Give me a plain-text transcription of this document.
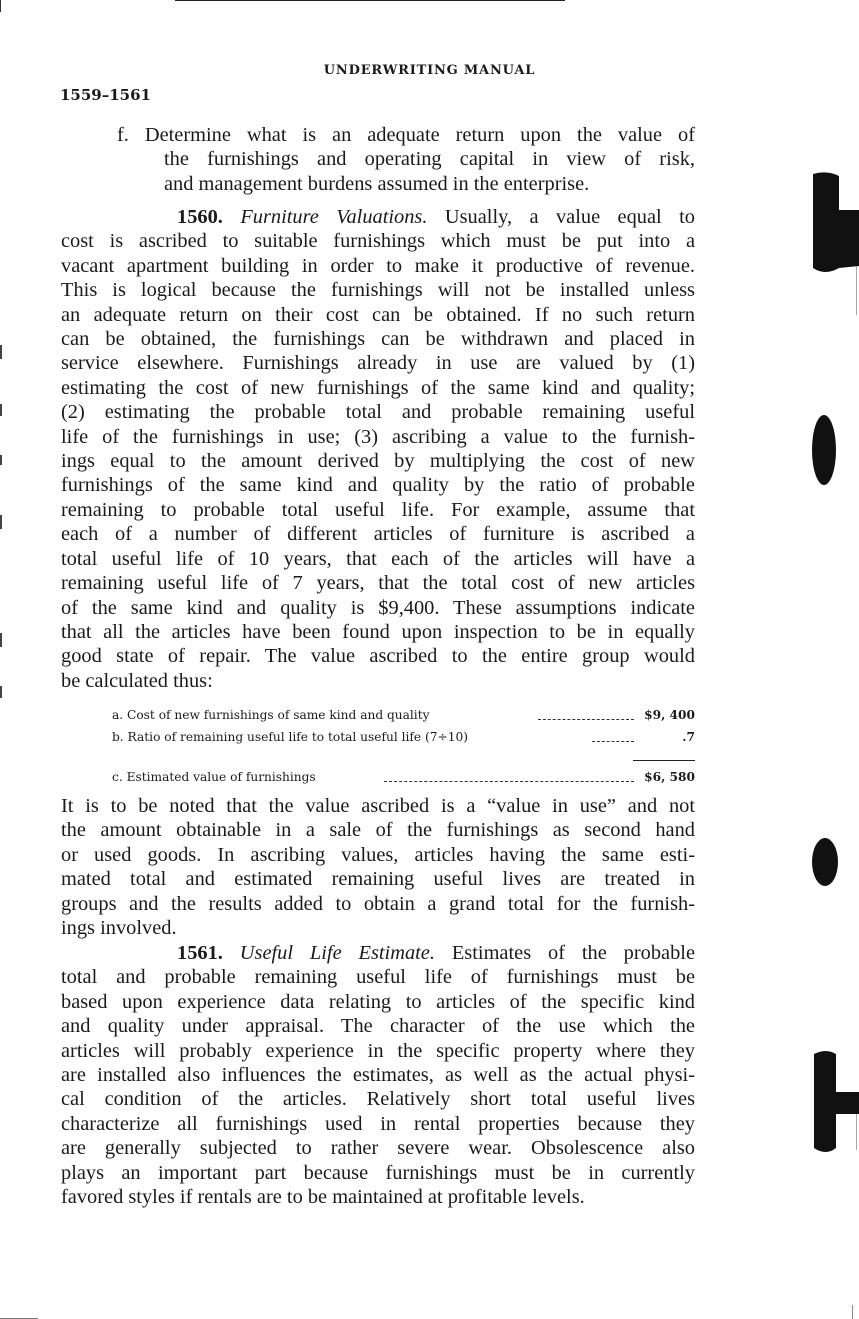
UNDERWRITING MANUAL
1559–1561
f. Determine what is an adequate return upon the value of
the furnishings and operating capital in view of risk,
and management burdens assumed in the enterprise.
1560. Furniture Valuations. Usually, a value equal to
cost is ascribed to suitable furnishings which must be put into a
vacant apartment building in order to make it productive of revenue.
This is logical because the furnishings will not be installed unless
an adequate return on their cost can be obtained. If no such return
can be obtained, the furnishings can be withdrawn and placed in
service elsewhere. Furnishings already in use are valued by (1)
estimating the cost of new furnishings of the same kind and quality;
(2) estimating the probable total and probable remaining useful
life of the furnishings in use; (3) ascribing a value to the furnish-
ings equal to the amount derived by multiplying the cost of new
furnishings of the same kind and quality by the ratio of probable
remaining to probable total useful life. For example, assume that
each of a number of different articles of furniture is ascribed a
total useful life of 10 years, that each of the articles will have a
remaining useful life of 7 years, that the total cost of new articles
of the same kind and quality is $9,400. These assumptions indicate
that all the articles have been found upon inspection to be in equally
good state of repair. The value ascribed to the entire group would
be calculated thus:
a. Cost of new furnishings of same kind and quality	$9, 400
b. Ratio of remaining useful life to total useful life (7÷10)	.7
c. Estimated value of furnishings	$6, 580
It is to be noted that the value ascribed is a “value in use” and not
the amount obtainable in a sale of the furnishings as second hand
or used goods. In ascribing values, articles having the same esti-
mated total and estimated remaining useful lives are treated in
groups and the results added to obtain a grand total for the furnish-
ings involved.
1561. Useful Life Estimate. Estimates of the probable
total and probable remaining useful life of furnishings must be
based upon experience data relating to articles of the specific kind
and quality under appraisal. The character of the use which the
articles will probably experience in the specific property where they
are installed also influences the estimates, as well as the actual physi-
cal condition of the articles. Relatively short total useful lives
characterize all furnishings used in rental properties because they
are generally subjected to rather severe wear. Obsolescence also
plays an important part because furnishings must be in currently
favored styles if rentals are to be maintained at profitable levels.
